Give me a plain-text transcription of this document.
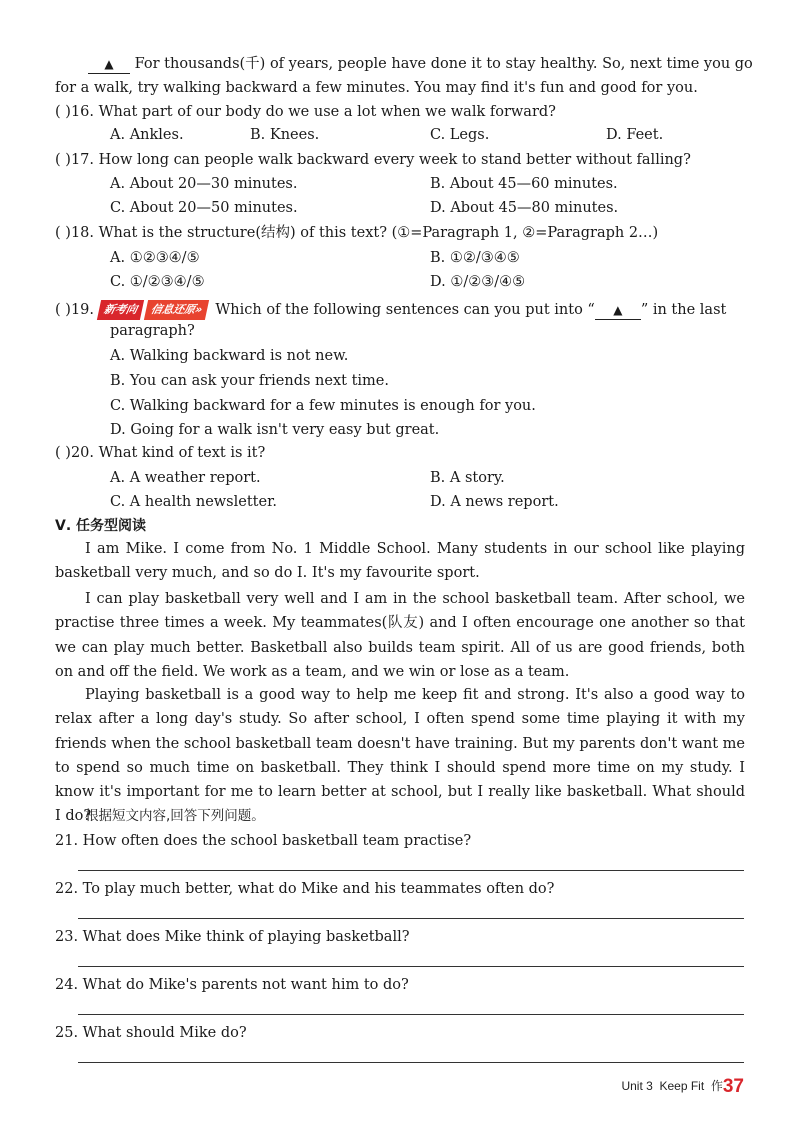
▲ For thousands(千) of years, people have done it to stay healthy. So, next time you go
for a walk, try walking backward a few minutes. You may find it's fun and good for you.
( )16. What part of our body do we use a lot when we walk forward?
A. Ankles.	B. Knees.	C. Legs.	D. Feet.
( )17. How long can people walk backward every week to stand better without falling?
A. About 20—30 minutes.	B. About 45—60 minutes.
C. About 20—50 minutes.	D. About 45—80 minutes.
( )18. What is the structure(结构) of this text? (①=Paragraph 1, ②=Paragraph 2…)
A. ①②③④/⑤	B. ①②/③④⑤
C. ①/②③④/⑤	D. ①/②③/④⑤
( )19. 新考向 信息还原» Which of the following sentences can you put into “ ▲ ” in the last
paragraph?
A. Walking backward is not new.
B. You can ask your friends next time.
C. Walking backward for a few minutes is enough for you.
D. Going for a walk isn't very easy but great.
( )20. What kind of text is it?
A. A weather report.	B. A story.
C. A health newsletter.	D. A news report.
Ⅴ. 任务型阅读
I am Mike. I come from No. 1 Middle School. Many students in our school like playing basketball very much, and so do I. It's my favourite sport.
I can play basketball very well and I am in the school basketball team. After school, we practise three times a week. My teammates(队友) and I often encourage one another so that we can play much better. Basketball also builds team spirit. All of us are good friends, both on and off the field. We work as a team, and we win or lose as a team.
Playing basketball is a good way to help me keep fit and strong. It's also a good way to relax after a long day's study. So after school, I often spend some time playing it with my friends when the school basketball team doesn't have training. But my parents don't want me to spend so much time on basketball. They think I should spend more time on my study. I know it's important for me to learn better at school, but I really like basketball. What should I do?
根据短文内容,回答下列问题。
21. How often does the school basketball team practise?
22. To play much better, what do Mike and his teammates often do?
23. What does Mike think of playing basketball?
24. What do Mike's parents not want him to do?
25. What should Mike do?
Unit 3 Keep Fit 作37
